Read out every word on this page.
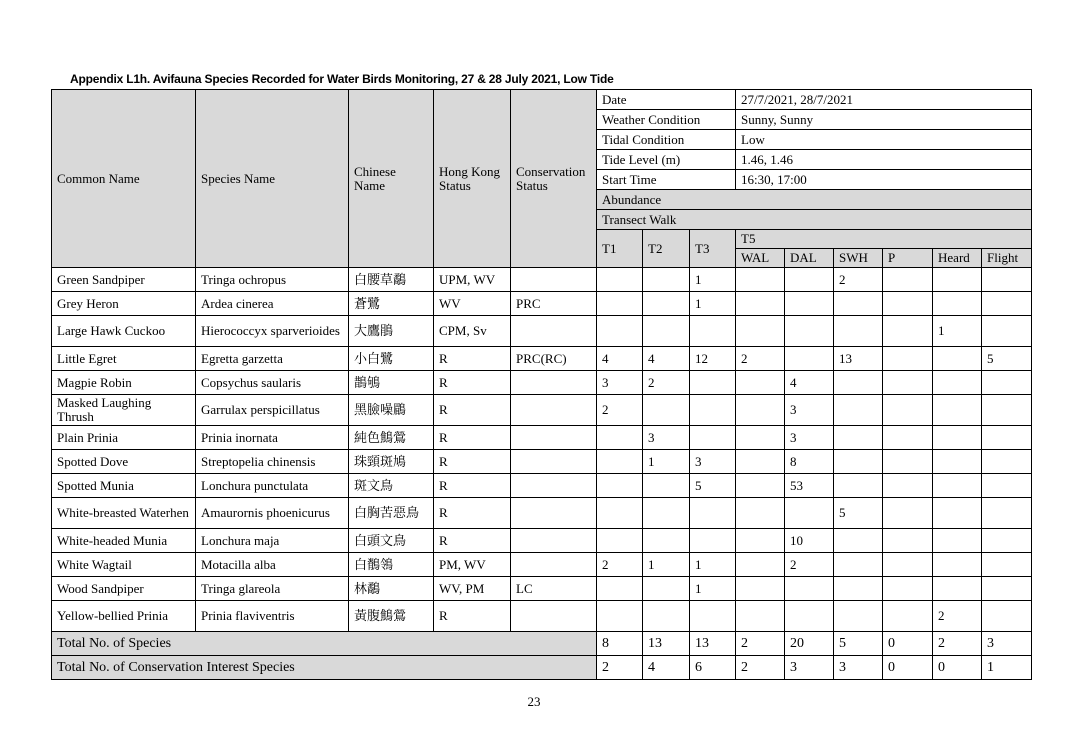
Appendix L1h. Avifauna Species Recorded for Water Birds Monitoring, 27 & 28 July 2021, Low Tide
Common Name	Species Name	Chinese Name	Hong Kong Status	Conservation Status	Date			27/7/2021, 28/7/2021					
					Weather Condition			Sunny, Sunny					
					Tidal Condition			Low					
					Tide Level (m)			1.46, 1.46					
					Start Time			16:30, 17:00					
					Abundance								
					Transect Walk								
					T1	T2	T3	T5					
								WAL	DAL	SWH	P	Heard	Flight

Green Sandpiper	Tringa ochropus	白腰草鷸	UPM, WV				1			2			

Grey Heron	Ardea cinerea	蒼鷺	WV	PRC			1						

Large Hawk Cuckoo	Hierococcyx sparverioides	大鷹鵑	CPM, Sv									1	

Little Egret	Egretta garzetta	小白鷺	R	PRC(RC)	4	4	12	2		13			5

Magpie Robin	Copsychus saularis	鵲鴝	R		3	2			4				

Masked Laughing Thrush	Garrulax perspicillatus	黑臉噪鶥	R		2				3				

Plain Prinia	Prinia inornata	純色鷦鶯	R			3			3				

Spotted Dove	Streptopelia chinensis	珠頸斑鳩	R			1	3		8				

Spotted Munia	Lonchura punctulata	斑文鳥	R				5		53				

White-breasted Waterhen	Amaurornis phoenicurus	白胸苦惡鳥	R							5			

White-headed Munia	Lonchura maja	白頭文鳥	R						10				

White Wagtail	Motacilla alba	白鶺鴒	PM, WV		2	1	1		2				

Wood Sandpiper	Tringa glareola	林鷸	WV, PM	LC			1						

Yellow-bellied Prinia	Prinia flaviventris	黃腹鷦鶯	R									2	

Total No. of Species					8	13	13	2	20	5	0	2	3
Total No. of Conservation Interest Species					2	4	6	2	3	3	0	0	1
23
